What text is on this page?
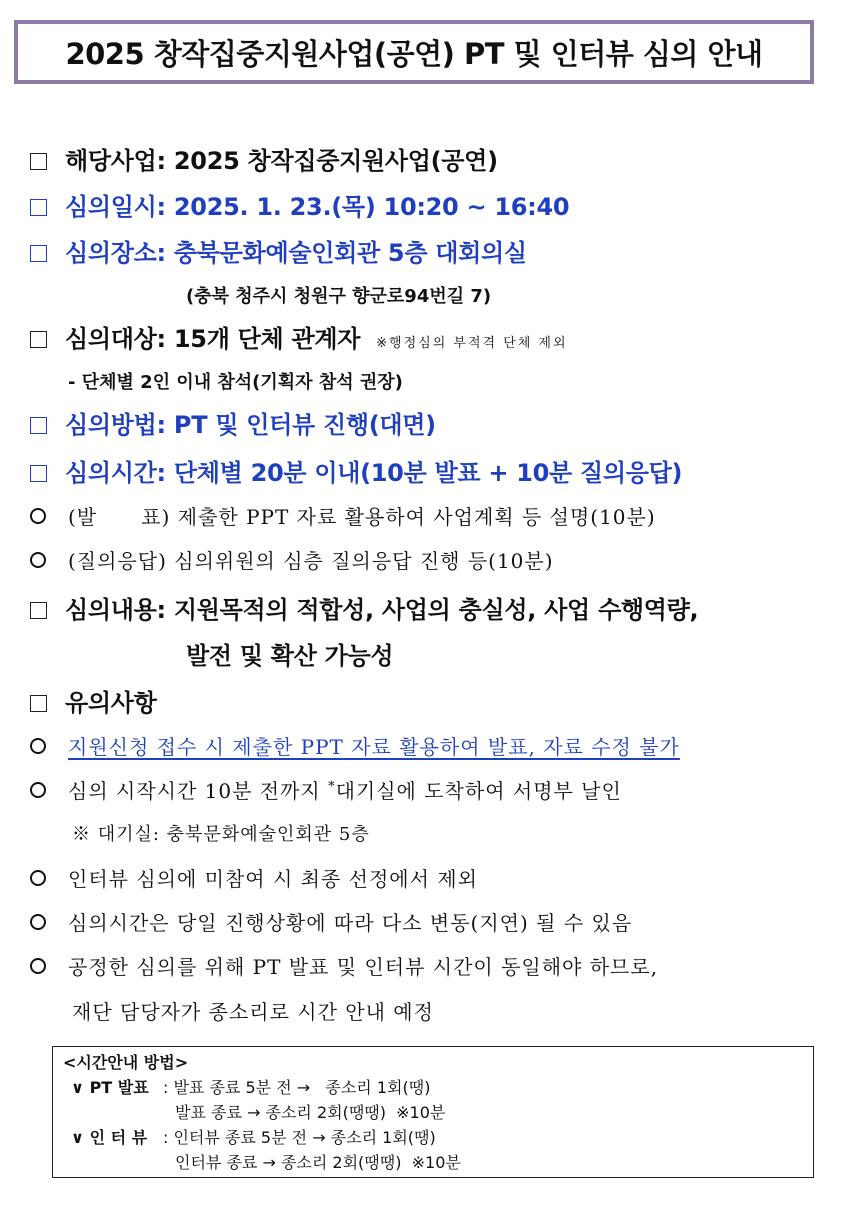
2025 창작집중지원사업(공연) PT 및 인터뷰 심의 안내
해당사업: 2025 창작집중지원사업(공연)
심의일시: 2025. 1. 23.(목) 10:20 ~ 16:40
심의장소: 충북문화예술인회관 5층 대회의실
(충북 청주시 청원구 향군로94번길 7)
심의대상: 15개 단체 관계자 ※행정심의 부적격 단체 제외
- 단체별 2인 이내 참석(기획자 참석 권장)
심의방법: PT 및 인터뷰 진행(대면)
심의시간: 단체별 20분 이내(10분 발표 + 10분 질의응답)
(발      표) 제출한 PPT 자료 활용하여 사업계획 등 설명(10분)
(질의응답) 심의위원의 심층 질의응답 진행 등(10분)
심의내용: 지원목적의 적합성, 사업의 충실성, 사업 수행역량,
발전 및 확산 가능성
유의사항
지원신청 접수 시 제출한 PPT 자료 활용하여 발표, 자료 수정 불가
심의 시작시간 10분 전까지 *대기실에 도착하여 서명부 날인
※ 대기실: 충북문화예술인회관 5층
인터뷰 심의에 미참여 시 최종 선정에서 제외
심의시간은 당일 진행상황에 따라 다소 변동(지연) 될 수 있음
공정한 심의를 위해 PT 발표 및 인터뷰 시간이 동일해야 하므로,
재단 담당자가 종소리로 시간 안내 예정
<시간안내 방법>
∨ PT 발표 : 발표 종료 5분 전 →   종소리 1회(땡)
발표 종료 → 종소리 2회(땡땡)  ※10분
∨ 인 터 뷰 : 인터뷰 종료 5분 전 → 종소리 1회(땡)
인터뷰 종료 → 종소리 2회(땡땡)  ※10분
